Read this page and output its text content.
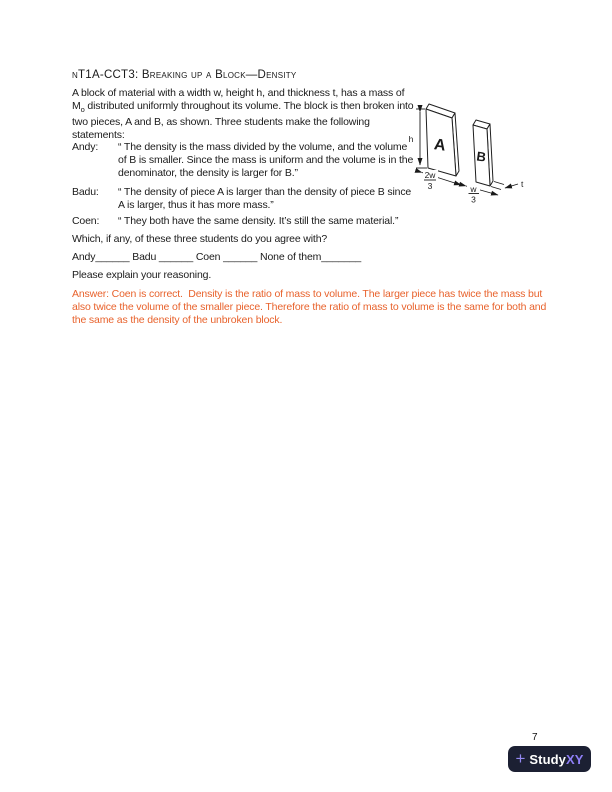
nT1A-CCT3: Breaking up a Block—Density

A block of material with a width w, height h, and thickness t, has a mass of $M_o$ distributed uniformly throughout its volume. The block is then broken into two pieces, A and B, as shown. Three students make the following statements:

A
B
h
2w
3	w
3
t
Andy:	“ The density is the mass divided by the volume, and the volume of B is smaller. Since the mass is uniform and the volume is in the denominator, the density is larger for B.”
Badu:	“ The density of piece A is larger than the density of piece B since A is larger, thus it has more mass.”
Coen:	“ They both have the same density. It’s still the same material.”

Which, if any, of these three students do you agree with?

Andy______ Badu ______ Coen ______ None of them_______

Please explain your reasoning.

Answer: Coen is correct.  Density is the ratio of mass to volume. The larger piece has twice the mass but also twice the volume of the smaller piece. Therefore the ratio of mass to volume is the same for both and the same as the density of the unbroken block.

7
+ StudyXY
